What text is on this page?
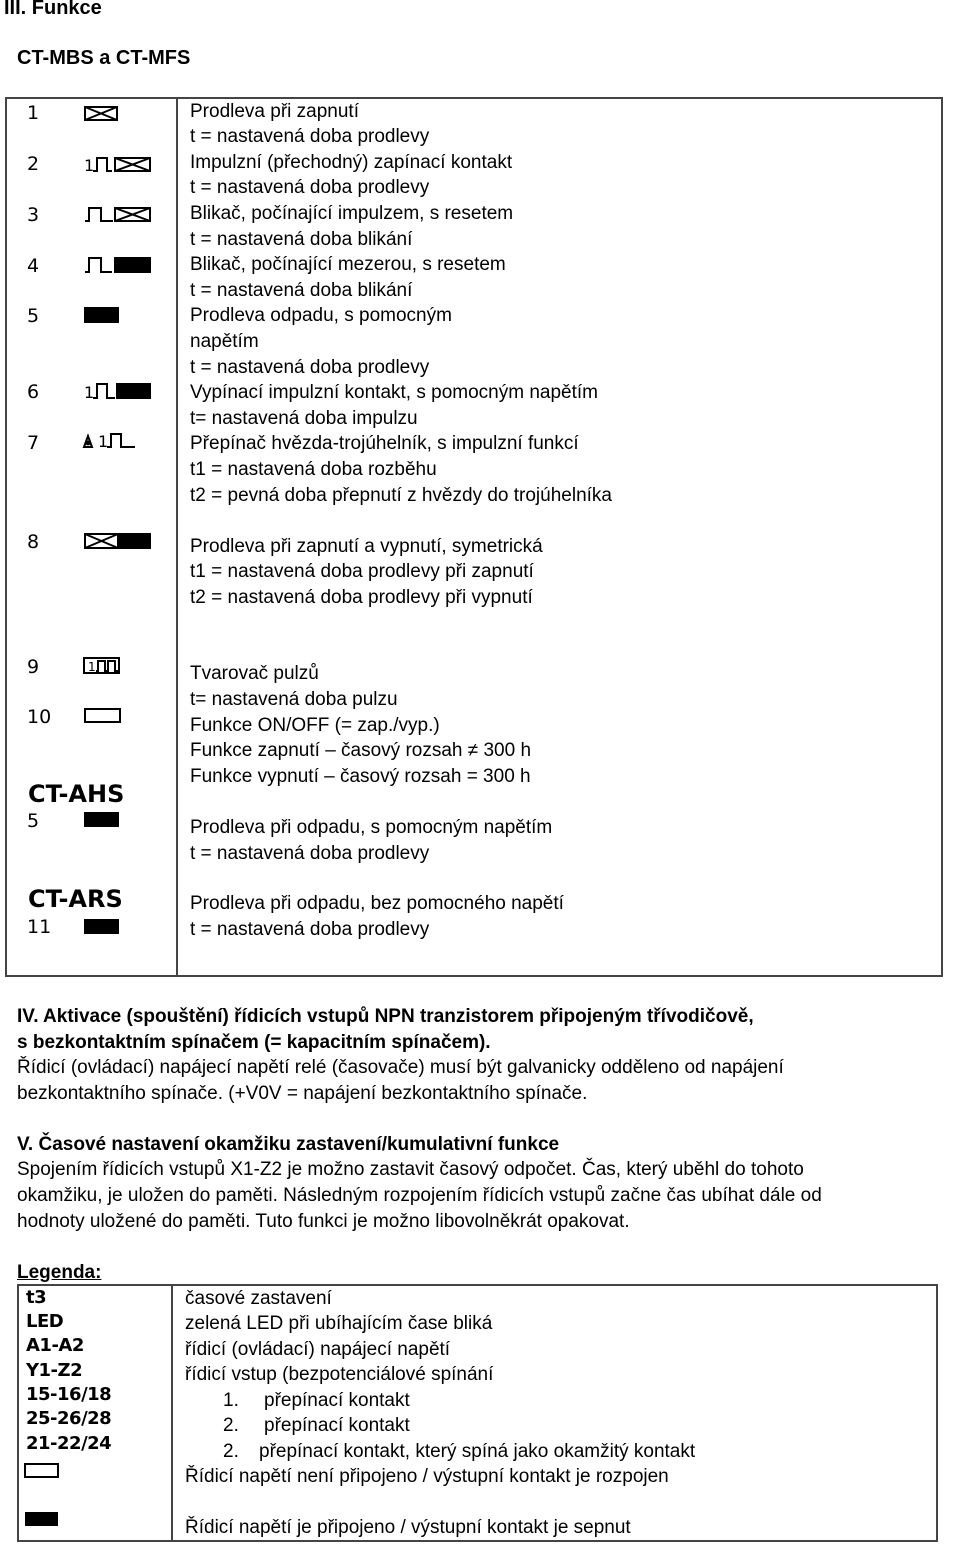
III. Funkce
CT-MBS a CT-MFS
1
2
3
4
5
6
7
8
9
10
CT-AHS
5
CT-ARS
11
1
1
1
1
Prodleva při zapnutí
t = nastavená doba prodlevy
Impulzní (přechodný) zapínací kontakt
t = nastavená doba prodlevy
Blikač, počínající impulzem, s resetem
t = nastavená doba blikání
Blikač, počínající mezerou, s resetem
t = nastavená doba blikání
Prodleva odpadu, s pomocným
napětím
t = nastavená doba prodlevy
Vypínací impulzní kontakt, s pomocným napětím
t= nastavená doba impulzu
Přepínač hvězda-trojúhelník, s impulzní funkcí
t1 = nastavená doba rozběhu
t2 = pevná doba přepnutí z hvězdy do trojúhelníka
Prodleva při zapnutí a vypnutí, symetrická
t1 = nastavená doba prodlevy při zapnutí
t2 = nastavená doba prodlevy při vypnutí
Tvarovač pulzů
t= nastavená doba pulzu
Funkce ON/OFF (= zap./vyp.)
Funkce zapnutí – časový rozsah ≠ 300 h
Funkce vypnutí – časový rozsah = 300 h
Prodleva při odpadu, s pomocným napětím
t = nastavená doba prodlevy
Prodleva při odpadu, bez pomocného napětí
t = nastavená doba prodlevy
IV. Aktivace (spouštění) řídicích vstupů NPN tranzistorem připojeným třívodičově,
s bezkontaktním spínačem (= kapacitním spínačem).
Řídicí (ovládací) napájecí napětí relé (časovače) musí být galvanicky odděleno od napájení
bezkontaktního spínače. (+V0V = napájení bezkontaktního spínače.
V. Časové nastavení okamžiku zastavení/kumulativní funkce
Spojením řídicích vstupů X1-Z2 je možno zastavit časový odpočet. Čas, který uběhl do tohoto
okamžiku, je uložen do paměti. Následným rozpojením řídicích vstupů začne čas ubíhat dále od
hodnoty uložené do paměti. Tuto funkci je možno libovolněkrát opakovat.
Legenda:
t3
LED
A1-A2
Y1-Z2
15-16/18
25-26/28
21-22/24
časové zastavení
zelená LED při ubíhajícím čase bliká
řídicí (ovládací) napájecí napětí
řídicí vstup (bezpotenciálové spínání
1. přepínací kontakt
2. přepínací kontakt
2. přepínací kontakt, který spíná jako okamžitý kontakt
Řídicí napětí není připojeno / výstupní kontakt je rozpojen
Řídicí napětí je připojeno / výstupní kontakt je sepnut
